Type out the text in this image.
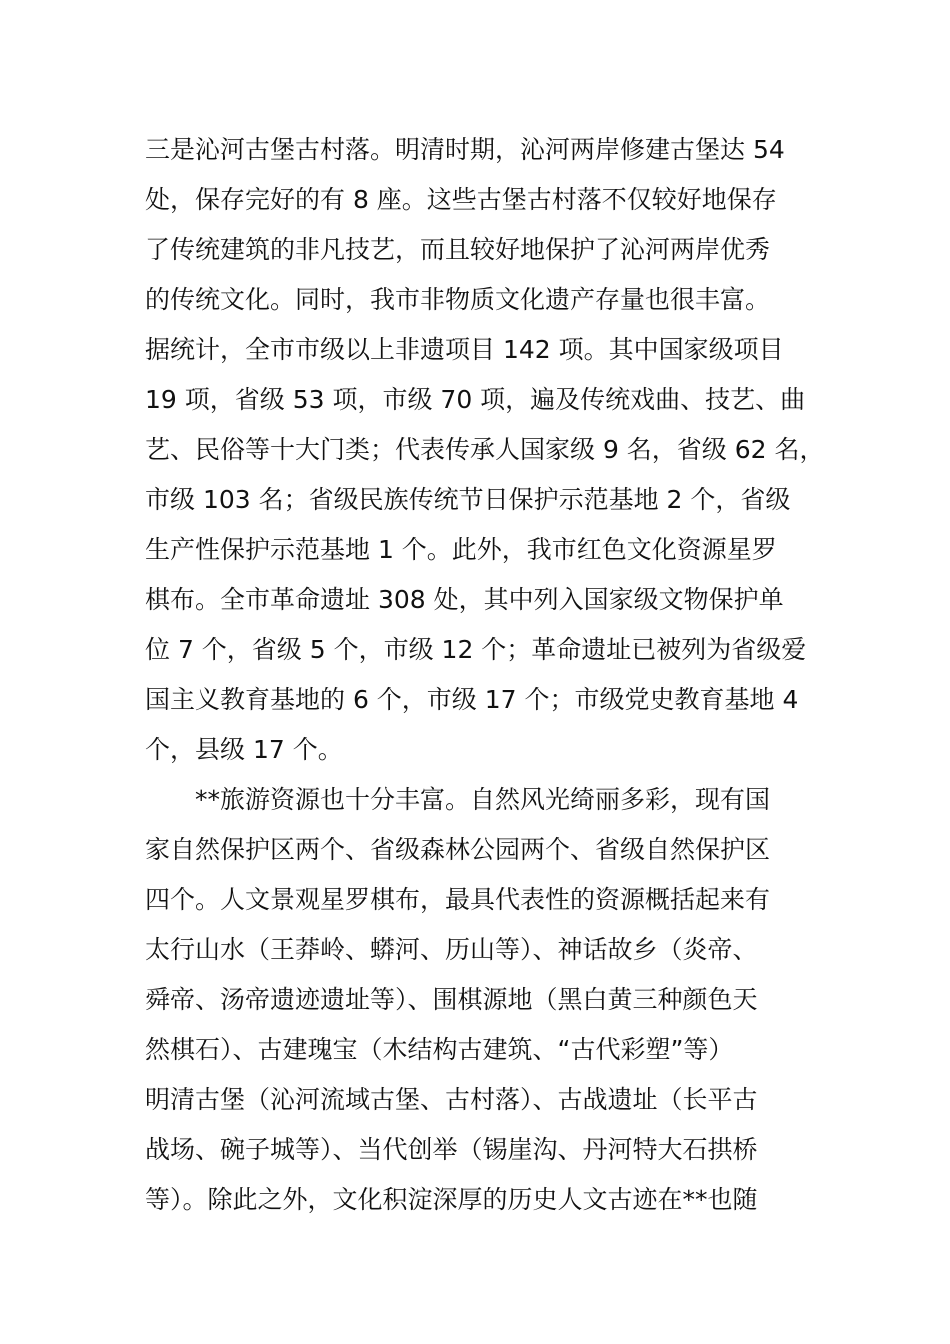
三是沁河古堡古村落。明清时期，沁河两岸修建古堡达 54
处，保存完好的有 8 座。这些古堡古村落不仅较好地保存
了传统建筑的非凡技艺，而且较好地保护了沁河两岸优秀
的传统文化。同时，我市非物质文化遗产存量也很丰富。
据统计，全市市级以上非遗项目 142 项。其中国家级项目
19 项，省级 53 项，市级 70 项，遍及传统戏曲、技艺、曲
艺、民俗等十大门类；代表传承人国家级 9 名，省级 62 名，
市级 103 名；省级民族传统节日保护示范基地 2 个，省级
生产性保护示范基地 1 个。此外，我市红色文化资源星罗
棋布。全市革命遗址 308 处，其中列入国家级文物保护单
位 7 个，省级 5 个，市级 12 个；革命遗址已被列为省级爱
国主义教育基地的 6 个，市级 17 个；市级党史教育基地 4
个，县级 17 个。
**旅游资源也十分丰富。自然风光绮丽多彩，现有国
家自然保护区两个、省级森林公园两个、省级自然保护区
四个。人文景观星罗棋布，最具代表性的资源概括起来有
太行山水（王莽岭、蟒河、历山等）、神话故乡（炎帝、
舜帝、汤帝遗迹遗址等）、围棋源地（黑白黄三种颜色天
然棋石）、古建瑰宝（木结构古建筑、“古代彩塑”等）
明清古堡（沁河流域古堡、古村落）、古战遗址（长平古
战场、碗子城等）、当代创举（锡崖沟、丹河特大石拱桥
等）。除此之外，文化积淀深厚的历史人文古迹在**也随
